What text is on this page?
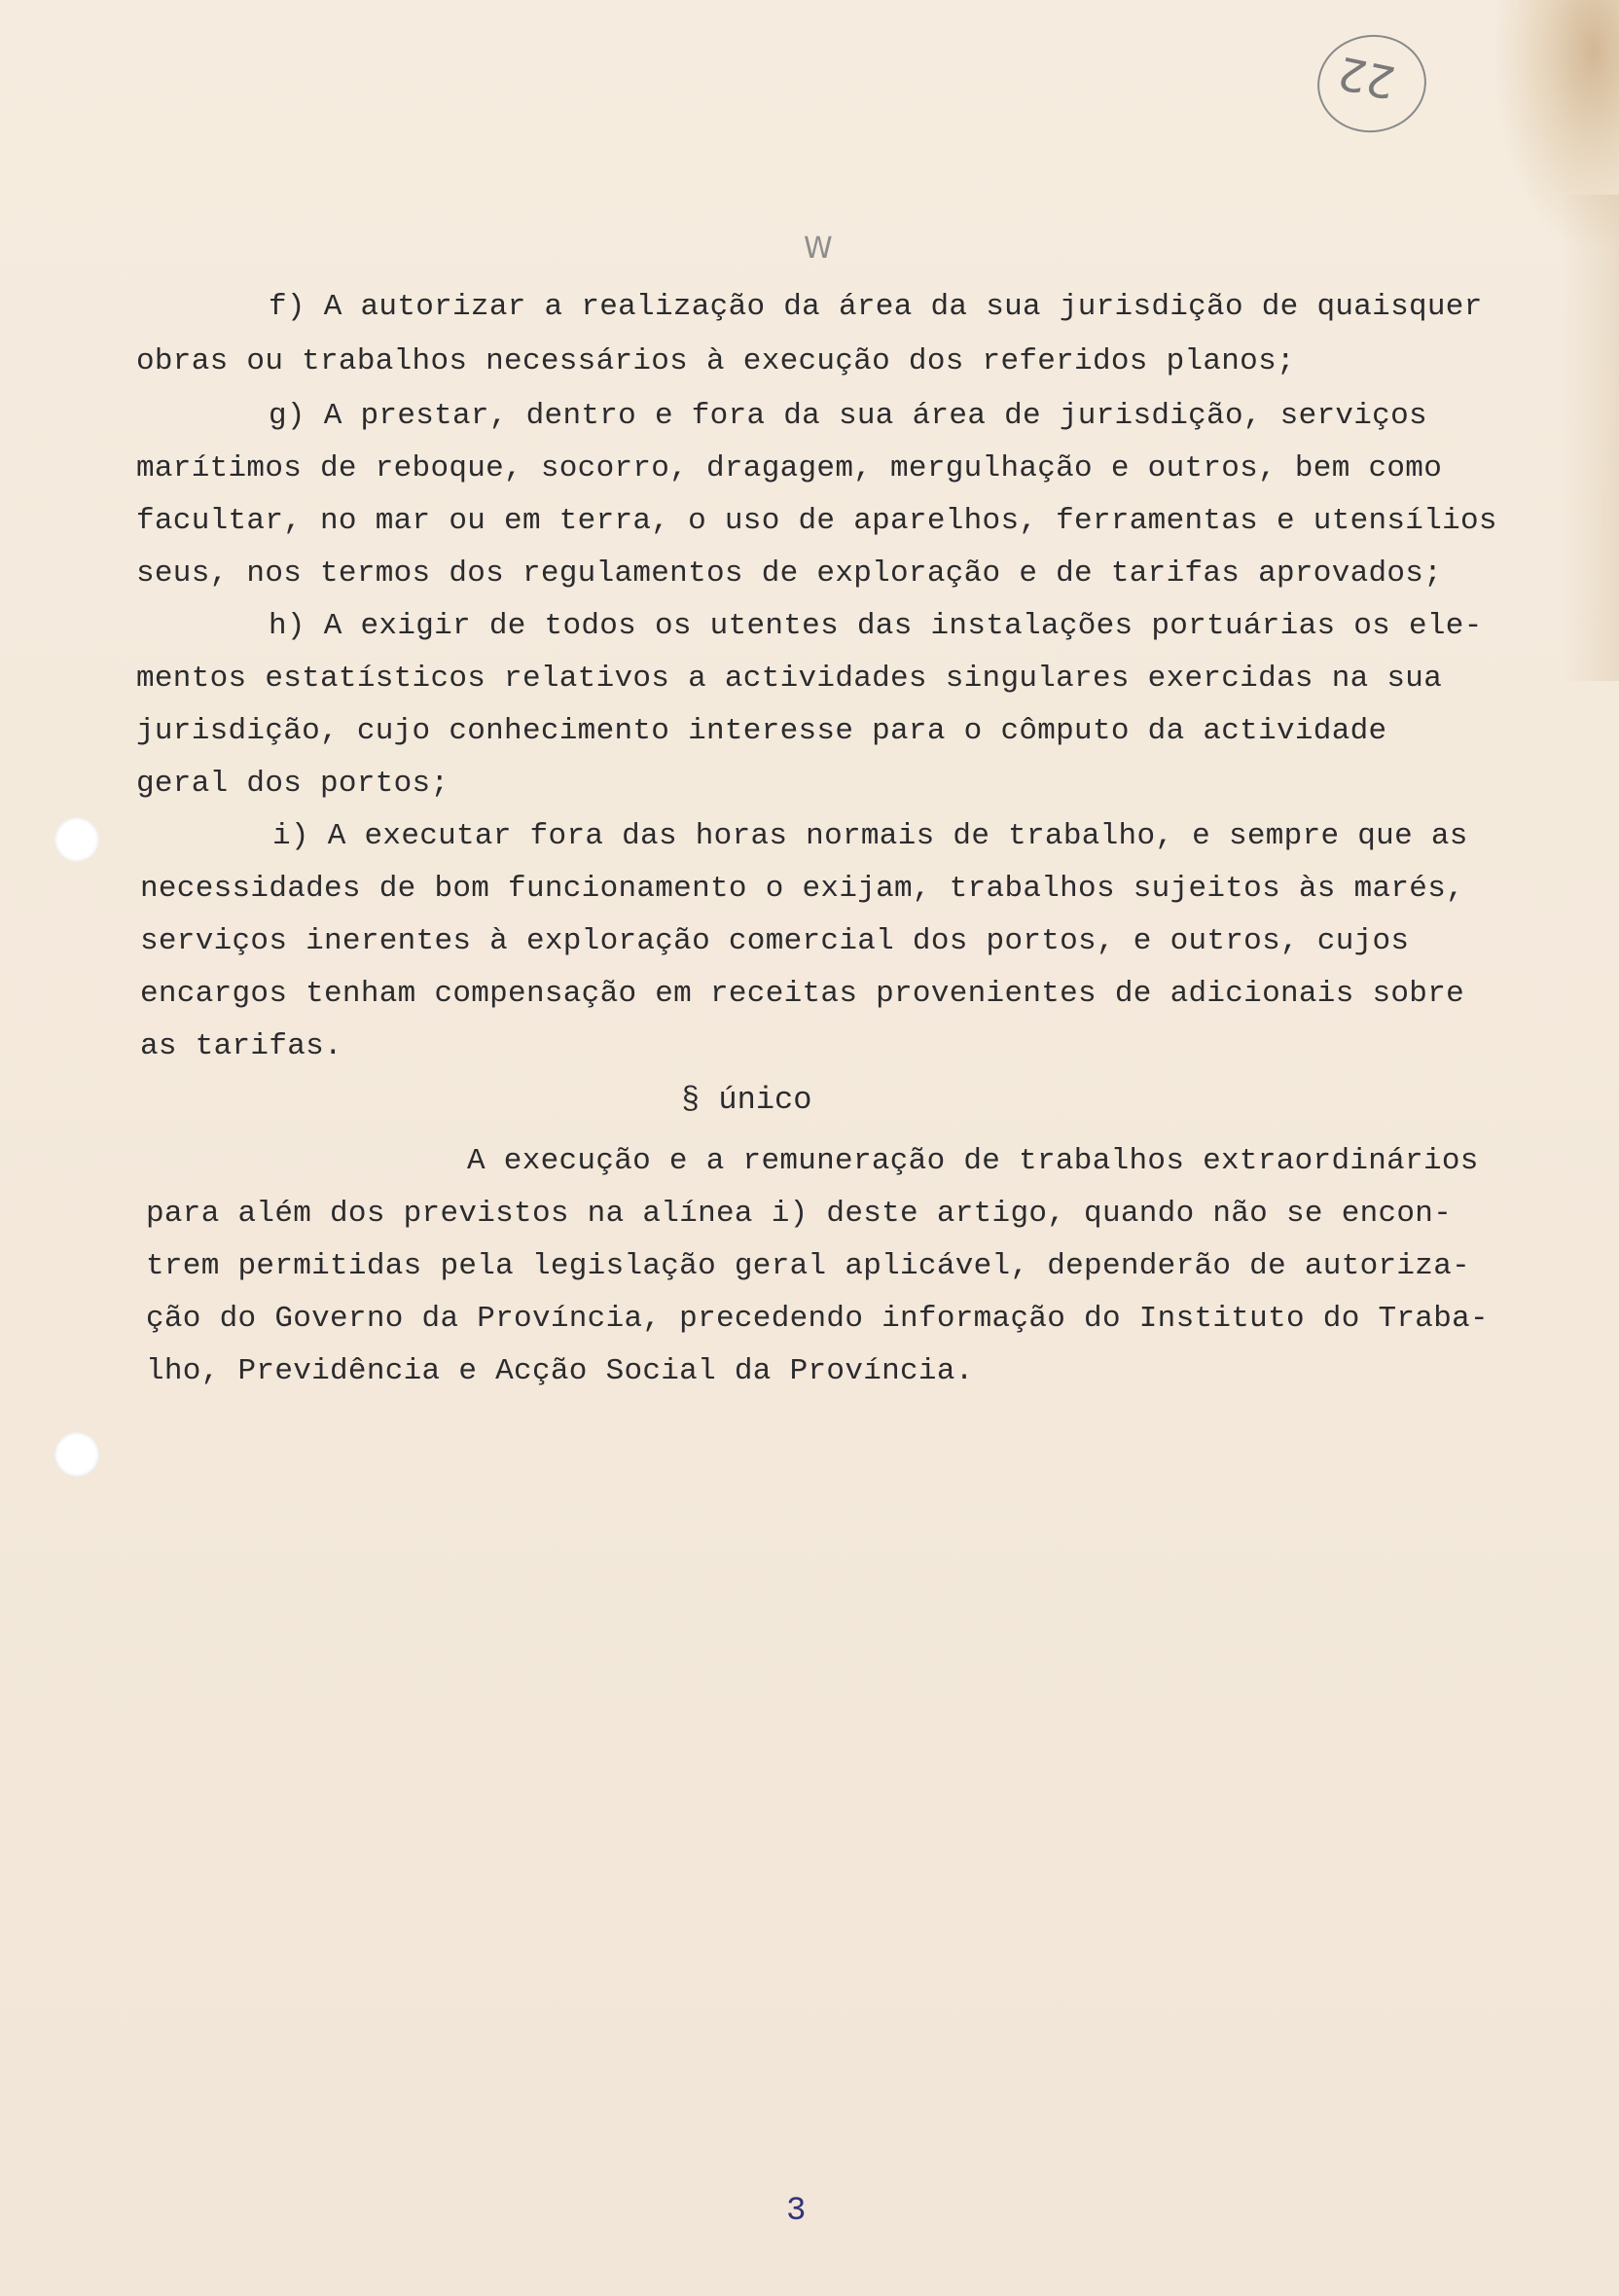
22
W
f) A autorizar a realização da área da sua jurisdição de quaisquer
obras ou trabalhos necessários à execução dos referidos planos;
g) A prestar, dentro e fora da sua área de jurisdição, serviços
marítimos de reboque, socorro, dragagem, mergulhação e outros, bem como
facultar, no mar ou em terra, o uso de aparelhos, ferramentas e utensílios
seus, nos termos dos regulamentos de exploração e de tarifas aprovados;
h) A exigir de todos os utentes das instalações portuárias os ele-
mentos estatísticos relativos a actividades singulares exercidas na sua
jurisdição, cujo conhecimento interesse para o cômputo da actividade
geral dos portos;
i) A executar fora das horas normais de trabalho, e sempre que as
necessidades de bom funcionamento o exijam, trabalhos sujeitos às marés,
serviços inerentes à exploração comercial dos portos, e outros, cujos
encargos tenham compensação em receitas provenientes de adicionais sobre
as tarifas.
§ único
A execução e a remuneração de trabalhos extraordinários
para além dos previstos na alínea i) deste artigo, quando não se encon-
trem permitidas pela legislação geral aplicável, dependerão de autoriza-
ção do Governo da Província, precedendo informação do Instituto do Traba-
lho, Previdência e Acção Social da Província.
3
